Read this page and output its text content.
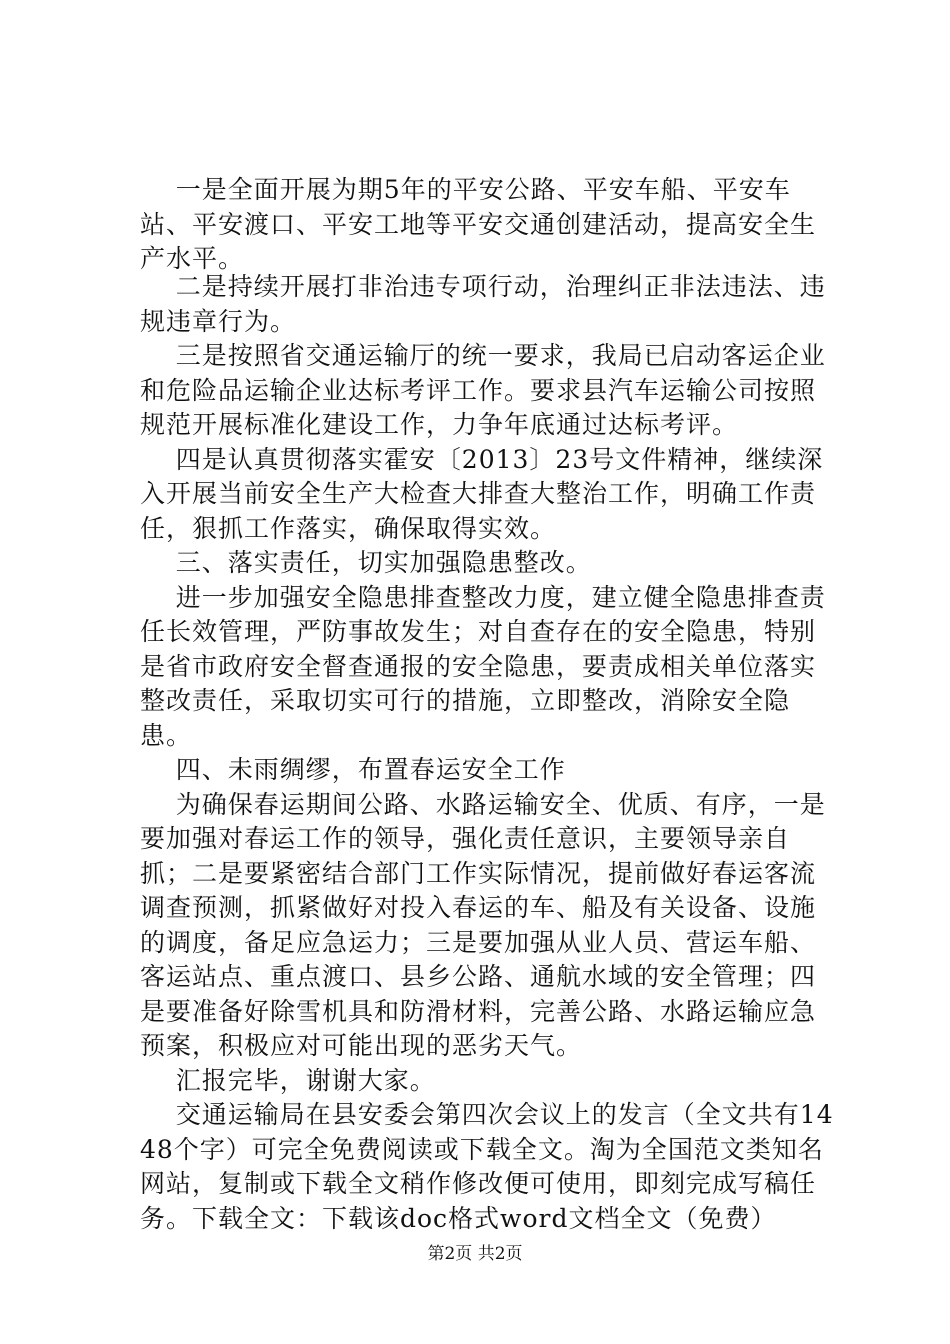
一是全面开展为期5年的平安公路、平安车船、平安车站、平安渡口、平安工地等平安交通创建活动，提高安全生产水平。
二是持续开展打非治违专项行动，治理纠正非法违法、违规违章行为。
三是按照省交通运输厅的统一要求，我局已启动客运企业和危险品运输企业达标考评工作。要求县汽车运输公司按照规范开展标准化建设工作，力争年底通过达标考评。
四是认真贯彻落实霍安〔2013〕23号文件精神，继续深入开展当前安全生产大检查大排查大整治工作，明确工作责任，狠抓工作落实，确保取得实效。
三、落实责任，切实加强隐患整改。
进一步加强安全隐患排查整改力度，建立健全隐患排查责任长效管理，严防事故发生；对自查存在的安全隐患，特别是省市政府安全督查通报的安全隐患，要责成相关单位落实整改责任，采取切实可行的措施，立即整改，消除安全隐患。
四、未雨绸缪，布置春运安全工作
为确保春运期间公路、水路运输安全、优质、有序，一是要加强对春运工作的领导，强化责任意识，主要领导亲自抓；二是要紧密结合部门工作实际情况，提前做好春运客流调查预测，抓紧做好对投入春运的车、船及有关设备、设施的调度，备足应急运力；三是要加强从业人员、营运车船、客运站点、重点渡口、县乡公路、通航水域的安全管理；四是要准备好除雪机具和防滑材料，完善公路、水路运输应急预案，积极应对可能出现的恶劣天气。
汇报完毕，谢谢大家。
交通运输局在县安委会第四次会议上的发言（全文共有1448个字）可完全免费阅读或下载全文。淘为全国范文类知名网站，复制或下载全文稍作修改便可使用，即刻完成写稿任务。下载全文：下载该doc格式word文档全文（免费）
第2页 共2页
